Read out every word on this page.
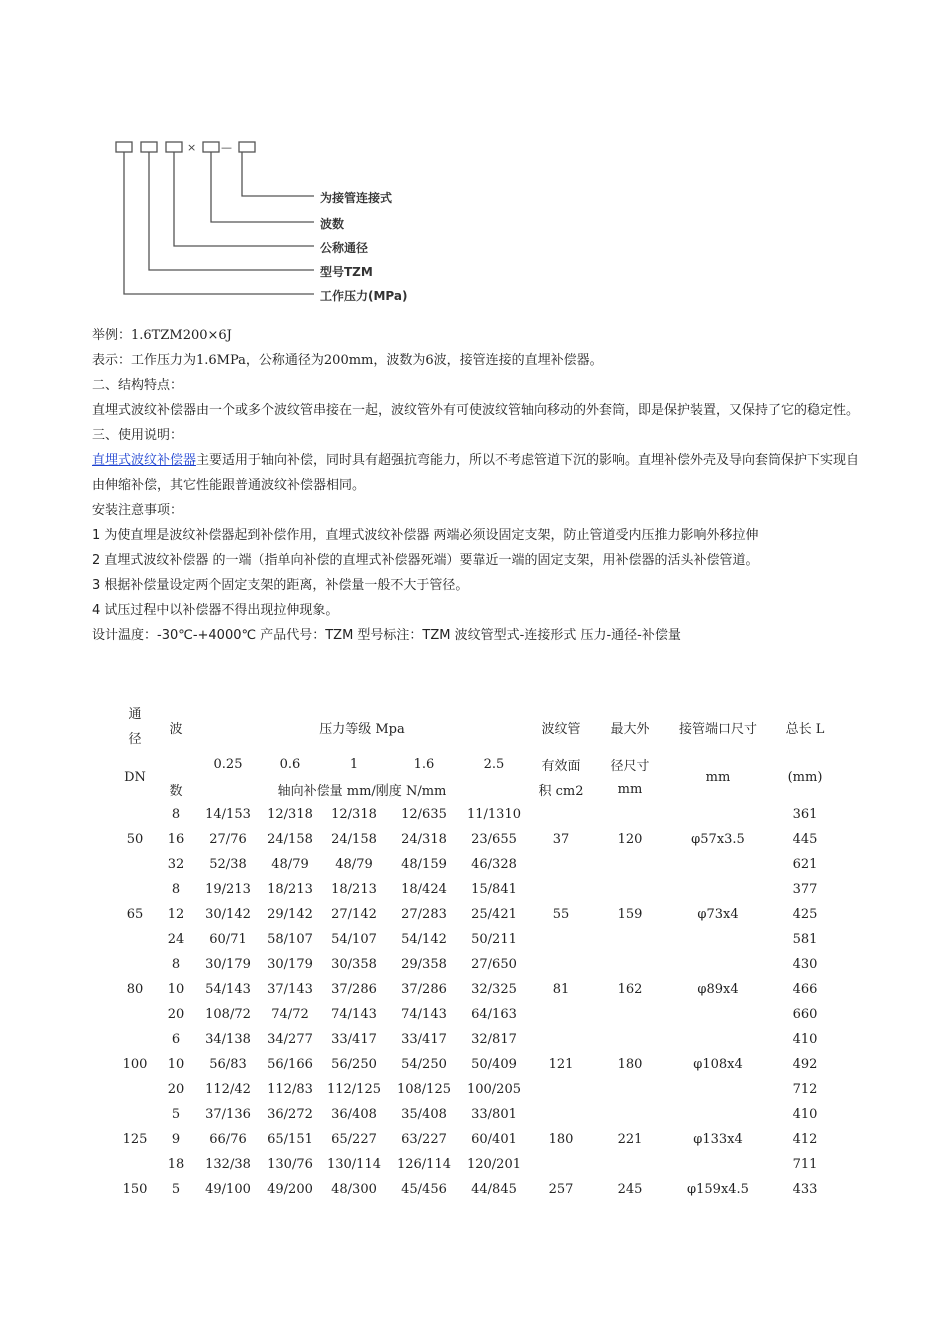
× —
为接管连接式
波数
公称通径
型号TZM
工作压力(MPa)

举例：1.6TZM200×6J

表示：工作压力为1.6MPa，公称通径为200mm，波数为6波，接管连接的直埋补偿器。

二、结构特点：

直埋式波纹补偿器由一个或多个波纹管串接在一起，波纹管外有可使波纹管轴向移动的外套筒，即是保护装置，又保持了它的稳定性。

三、使用说明：

直埋式波纹补偿器主要适用于轴向补偿，同时具有超强抗弯能力，所以不考虑管道下沉的影响。直埋补偿外壳及导向套筒保护下实现自由伸缩补偿，其它性能跟普通波纹补偿器相同。

安装注意事项：

1 为使直埋是波纹补偿器起到补偿作用，直埋式波纹补偿器 两端必须设固定支架，防止管道受内压推力影响外移拉伸

2 直埋式波纹补偿器 的一端（指单向补偿的直埋式补偿器死端）要靠近一端的固定支架，用补偿器的活头补偿管道。

3 根据补偿量设定两个固定支架的距离，补偿量一般不大于管径。

4 试压过程中以补偿器不得出现拉伸现象。

设计温度：-30℃-+4000℃ 产品代号：TZM 型号标注：TZM 波纹管型式-连接形式 压力-通径-补偿量

通
径	波	压力等级 Mpa					波纹管	最大外	接管端口尺寸	总长 L

DN		0.25	0.6	1	1.6	2.5	有效面	径尺寸	mm	(mm)
	数	轴向补偿量 mm/刚度 N/mm					积 cm2	mm		
	8	14/153	12/318	12/318	12/635	11/1310				361
50	16	27/76	24/158	24/158	24/318	23/655	37	120	φ57x3.5	445
	32	52/38	48/79	48/79	48/159	46/328				621
	8	19/213	18/213	18/213	18/424	15/841				377
65	12	30/142	29/142	27/142	27/283	25/421	55	159	φ73x4	425
	24	60/71	58/107	54/107	54/142	50/211				581
	8	30/179	30/179	30/358	29/358	27/650				430
80	10	54/143	37/143	37/286	37/286	32/325	81	162	φ89x4	466
	20	108/72	74/72	74/143	74/143	64/163				660
	6	34/138	34/277	33/417	33/417	32/817				410
100	10	56/83	56/166	56/250	54/250	50/409	121	180	φ108x4	492
	20	112/42	112/83	112/125	108/125	100/205				712
	5	37/136	36/272	36/408	35/408	33/801				410
125	9	66/76	65/151	65/227	63/227	60/401	180	221	φ133x4	412
	18	132/38	130/76	130/114	126/114	120/201				711
150	5	49/100	49/200	48/300	45/456	44/845	257	245	φ159x4.5	433
